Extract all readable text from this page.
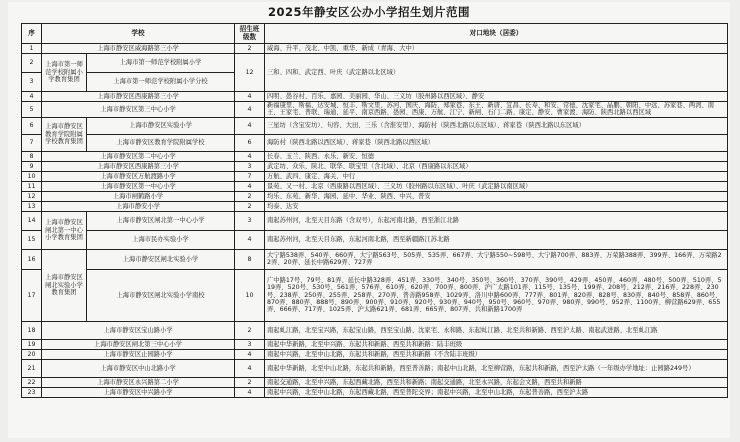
2025年静安区公办小学招生划片范围
序	学校		招生班级数	对口地块（居委）
1	上海市静安区威海路第三小学		2	威海、升平、茂北、中凯、重华、新成（青海、大中）
2	上海市第一师范学校附属小学教育集团	上海市第一师范学校附属小学	12	三和、四和、武定西、叶庆（武定路以北区域）
3		上海市第一师范学校附属小学分校		
4	上海市静安区西康路第三小学		4	四明、愚谷村、百乐、嘉园、美丽园、华山、三义坊（胶州路以西区域）、静安
5	上海市静安区第三中心小学		4	新福康里、斯福、达安城、恒丰、斯文里、苏河、国庆、海防、郑家巷、东王、新唐、宜昌、长寿、和安、常德、沈家宅、晶鹏、朝阳、中远、苏家巷、两湾、南王、王家宅、普联、瑞通、延平、南京西路、愚园、西康、万航、江宁、新闸、石门二路、康定、静安、曹家渡、海防、陕西北路以西区域
6	上海市静安区教育学院附属学校教育集团	上海市静安区实验小学	4	三星坊（含宝安坊）、句容、大田、三乐（含淮安里）、海防村（陕西北路以东区域）、蒋家巷（陕西北路以东区域）
7		上海市静安区教育学院附属学校	6	海防村（陕西北路以西区域）、蒋家巷（陕西北路以西区域）
8	上海市静安区第二中心小学		4	长春、玉兰、陕西、永乐、新安、恒德
9	上海市静安区西康路第三小学		3	武定坊、众乐、陕北、联华、联宝里（含北域）、北京（西康路以东区域）
10	上海市静安区万航渡路小学		7	万航、武四、康定、海关、中行
11	上海市静安区第一中心小学		4	景苑、又一村、北京（西康路以西区域）、三义坊（胶州路以东区域）、叶庆（武定路以南区域）
12	上海市闸鹤路小学		2	均乐、东苑、新华、海园、延中、华业、陕西、中兴、普安
13	上海市静安小学		2	均泰、达安
14	上海市静安区闸北第一中心小学教育集团	上海市静安区闸北第一中心小学	3	南起苏州河，北至天目东路（含双号），东起河南北路，西至浙江北路
15		上海市民办实验小学	4	南起苏州河，北至天目东路，东起河南北路，西至新疆路江苏北路
16	上海市静安区闸北实验小学教育集团	上海市静安区闸北实验小学	8	大宁路538弄、540弄、660弄、大宁路563号、505弄、535弄、667弄、大宁路550~598号、大宁路700弄、883弄、万荣路388弄、399弄、166弄、万荣路22弄、20弄、延长中路629弄、727弄
17		上海市静安区闸北实验小学南校	10	广中路17号、79号、81弄、延长中路328弄、451弄、330号、340号、350号、360号、370弄、390号、429弄、450弄、460弄、480号、500弄、510弄、519弄、520号、530号、561弄、576弄、610弄、620弄、700弄、800弄、沪广太路101弄、115号、135号、199弄、208号、212弄、216弄、228弄、230号、238弄、250弄、255弄、258弄、270弄、普善路958弄、1029弄、洛川中路600弄、777弄、801弄、820弄、828号、830弄、840号、858弄、860号、870弄、880弄、888号、890弄、900弄、910弄、920号、930弄、940号、950号、960号、970弄、980弄、990号、952弄、1100弄、柳营路629弄、655弄、666弄、717弄、1025弄、沪太路621弄、681弄、665弄、807弄、共和新路1700弄
18	上海市静安区宝山路小学		2	南起虬江路，北至宝兴路，东起宝山路，西至宝山路、沈家宅、永和路、东起虬江路、北至共和新路、西至沪太路、南起武进路、北至虬江路
19	上海市静安区闸北第三中心小学		3	南起中华新路，北至中兴路、东起共和新路、西至共和新路：陆丰班级
20	上海市静安区止园路小学		4	南起中兴路，北至中山北路，东起共和新路，西至共和新路（不含陆丰班级）
21	上海市静安区中山北路小学		4	南起中华新路，北至中山北路，东起共和新路，西至普善路；南起中山北路，北至柳营路，东起共和新路，西至沪太路（一年级办学地址：止园路249号）
22	上海市静安区永兴路第二小学		2	南起交通路，北至中兴路，东起西藏北路，西至共和新路；南起交通路，北至永兴路，东起会文路，西至共和新路
23	上海市静安区中兴路小学		4	南起中兴路，北至中山北路，东起西藏北路，西至普陀交界；南起中兴路，北至中山北路，东起普善路，西至沪太路
